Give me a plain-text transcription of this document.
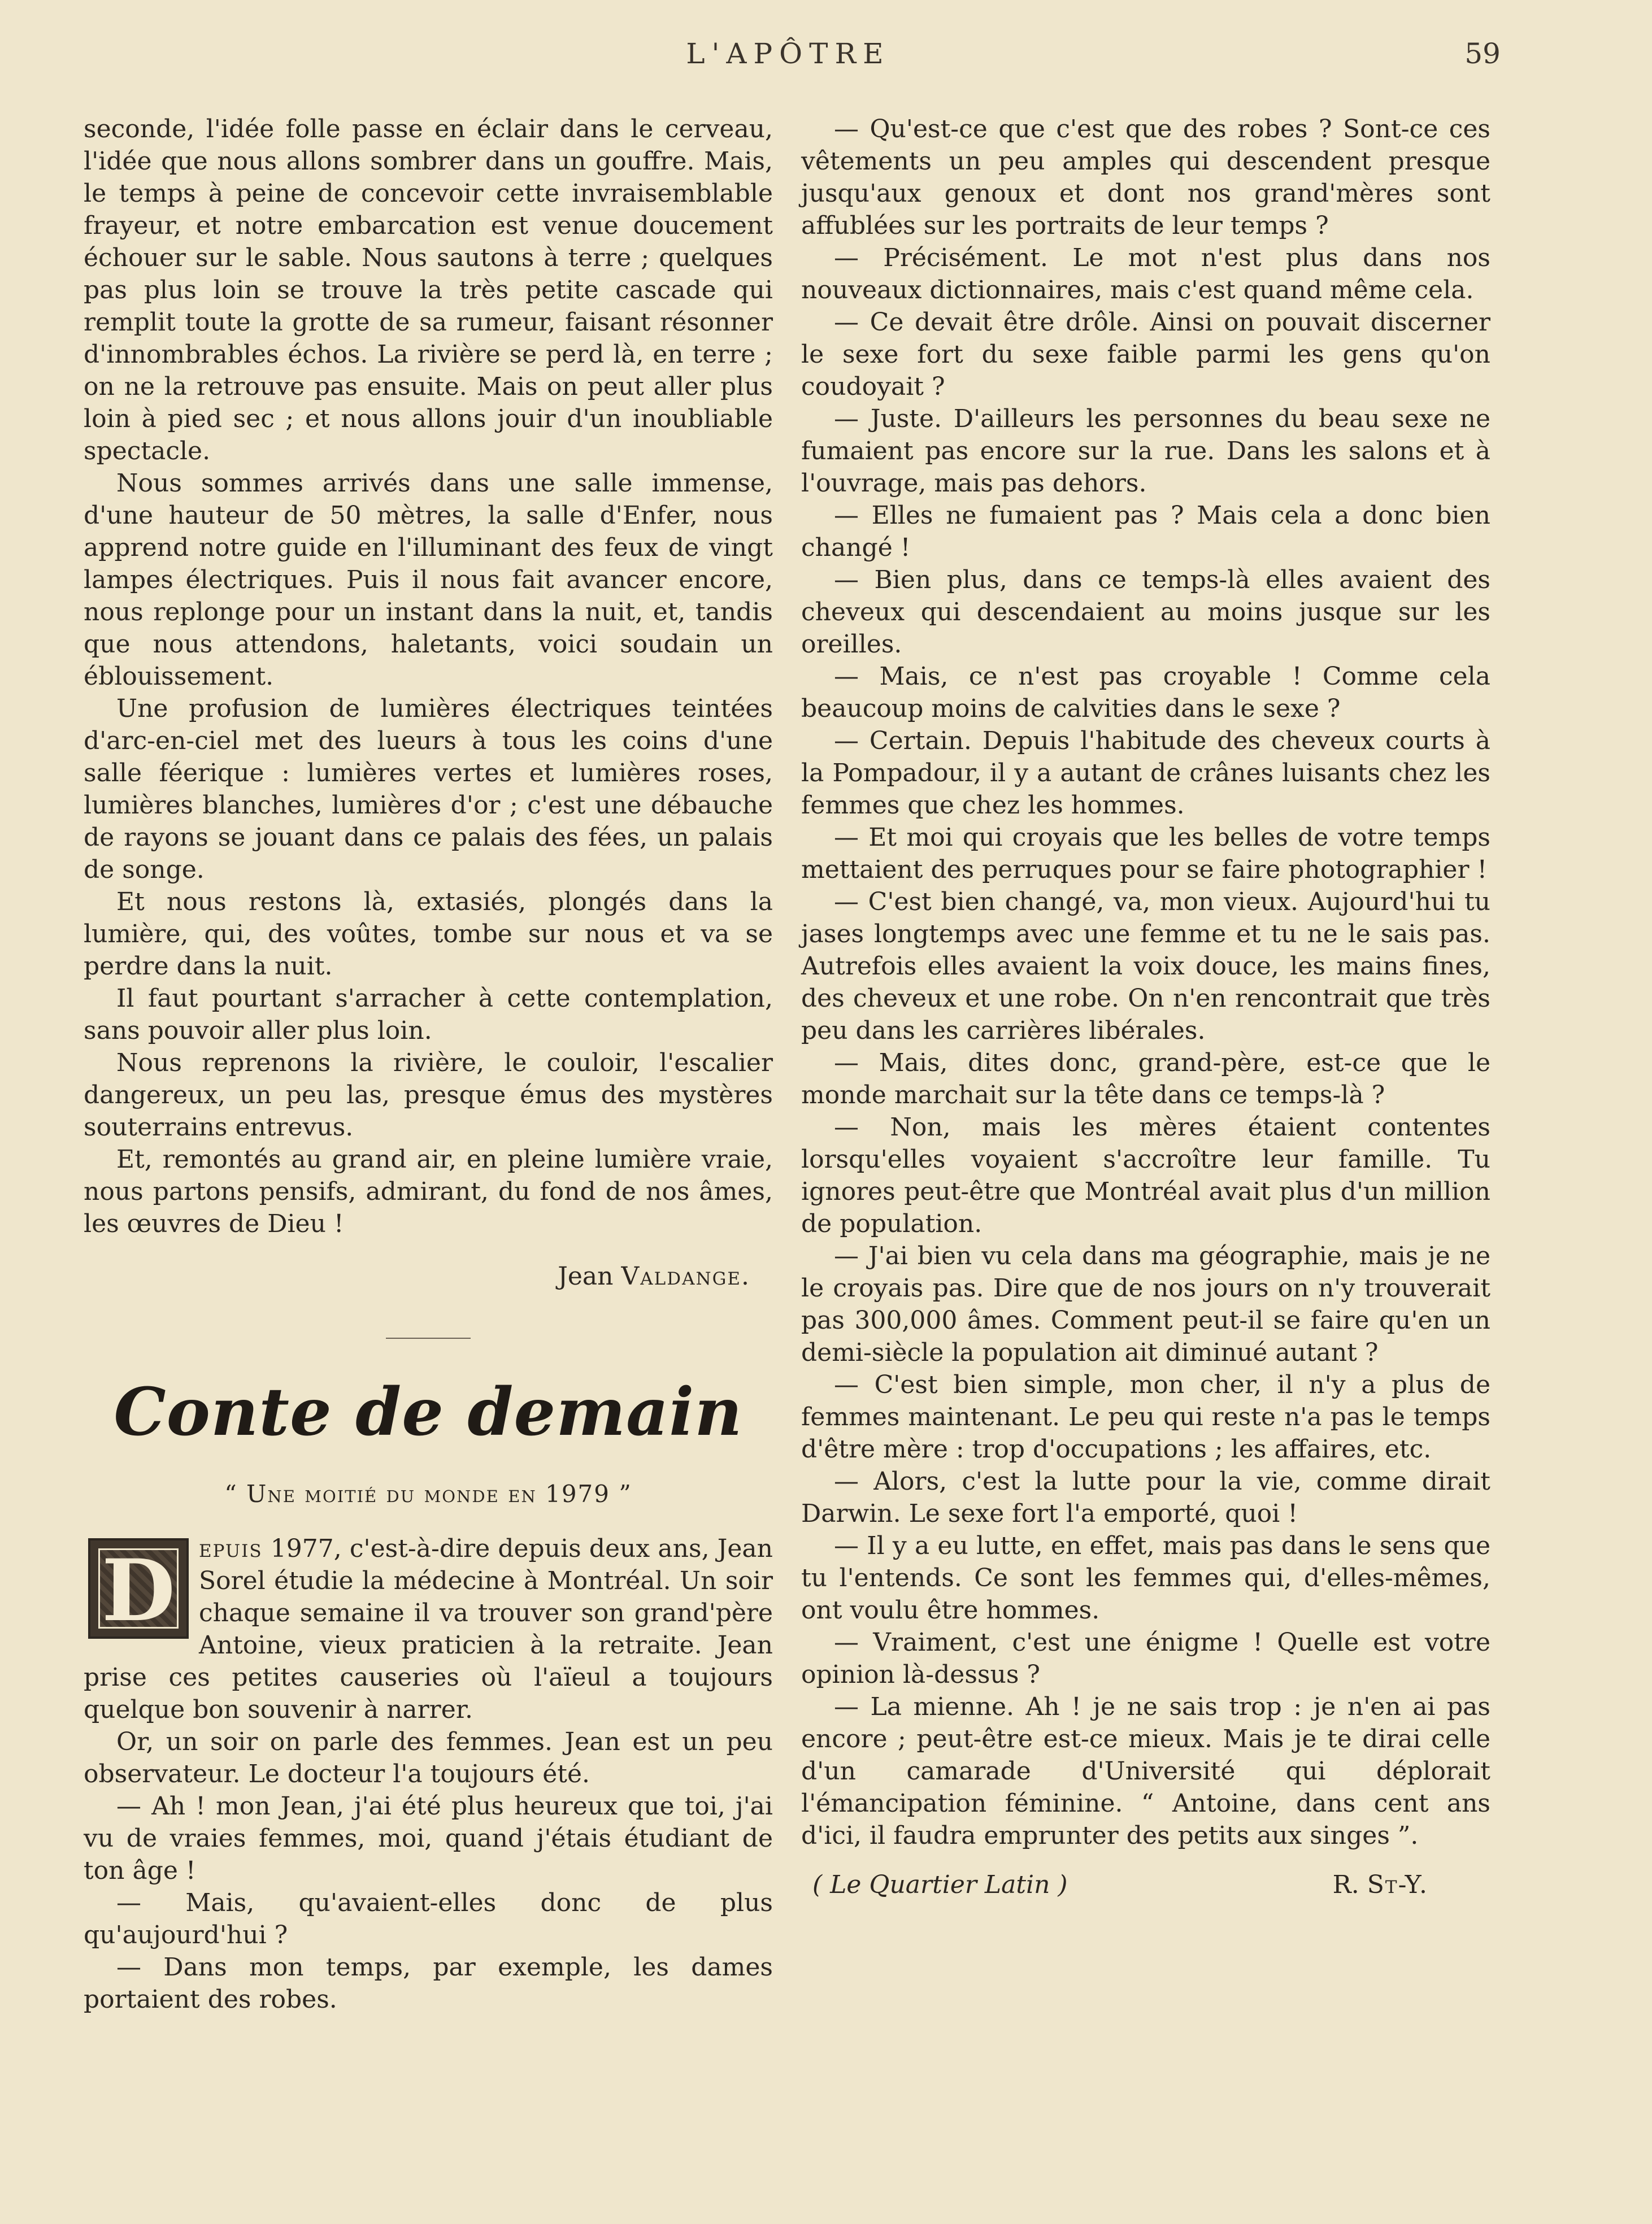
L'APÔTRE	59

seconde, l'idée folle passe en éclair dans le cerveau, l'idée que nous allons sombrer dans un gouffre. Mais, le temps à peine de concevoir cette invraisemblable frayeur, et notre embarcation est venue doucement échouer sur le sable. Nous sautons à terre ; quelques pas plus loin se trouve la très petite cascade qui remplit toute la grotte de sa rumeur, faisant résonner d'innombrables échos. La rivière se perd là, en terre ; on ne la retrouve pas ensuite. Mais on peut aller plus loin à pied sec ; et nous allons jouir d'un inoubliable spectacle.

Nous sommes arrivés dans une salle immense, d'une hauteur de 50 mètres, la salle d'Enfer, nous apprend notre guide en l'illuminant des feux de vingt lampes électriques. Puis il nous fait avancer encore, nous replonge pour un instant dans la nuit, et, tandis que nous attendons, haletants, voici soudain un éblouissement.

Une profusion de lumières électriques teintées d'arc-en-ciel met des lueurs à tous les coins d'une salle féerique : lumières vertes et lumières roses, lumières blanches, lumières d'or ; c'est une débauche de rayons se jouant dans ce palais des fées, un palais de songe.

Et nous restons là, extasiés, plongés dans la lumière, qui, des voûtes, tombe sur nous et va se perdre dans la nuit.

Il faut pourtant s'arracher à cette contemplation, sans pouvoir aller plus loin.

Nous reprenons la rivière, le couloir, l'escalier dangereux, un peu las, presque émus des mystères souterrains entrevus.

Et, remontés au grand air, en pleine lumière vraie, nous partons pensifs, admirant, du fond de nos âmes, les œuvres de Dieu !

Jean Valdange.
Conte de demain
“ Une moitié du monde en 1979 ”

D epuis 1977, c'est-à-dire depuis deux ans, Jean Sorel étudie la médecine à Montréal. Un soir chaque semaine il va trouver son grand'père Antoine, vieux praticien à la retraite. Jean prise ces petites causeries où l'aïeul a toujours quelque bon souvenir à narrer.

Or, un soir on parle des femmes. Jean est un peu observateur. Le docteur l'a toujours été.

— Ah ! mon Jean, j'ai été plus heureux que toi, j'ai vu de vraies femmes, moi, quand j'étais étudiant de ton âge !

— Mais, qu'avaient-elles donc de plus qu'aujourd'hui ?

— Dans mon temps, par exemple, les dames portaient des robes.

— Qu'est-ce que c'est que des robes ? Sont-ce ces vêtements un peu amples qui descendent presque jusqu'aux genoux et dont nos grand'mères sont affublées sur les portraits de leur temps ?

— Précisément. Le mot n'est plus dans nos nouveaux dictionnaires, mais c'est quand même cela.

— Ce devait être drôle. Ainsi on pouvait discerner le sexe fort du sexe faible parmi les gens qu'on coudoyait ?

— Juste. D'ailleurs les personnes du beau sexe ne fumaient pas encore sur la rue. Dans les salons et à l'ouvrage, mais pas dehors.

— Elles ne fumaient pas ? Mais cela a donc bien changé !

— Bien plus, dans ce temps-là elles avaient des cheveux qui descendaient au moins jusque sur les oreilles.

— Mais, ce n'est pas croyable ! Comme cela beaucoup moins de calvities dans le sexe ?

— Certain. Depuis l'habitude des cheveux courts à la Pompadour, il y a autant de crânes luisants chez les femmes que chez les hommes.

— Et moi qui croyais que les belles de votre temps mettaient des perruques pour se faire photographier !

— C'est bien changé, va, mon vieux. Aujourd'hui tu jases longtemps avec une femme et tu ne le sais pas. Autrefois elles avaient la voix douce, les mains fines, des cheveux et une robe. On n'en rencontrait que très peu dans les carrières libérales.

— Mais, dites donc, grand-père, est-ce que le monde marchait sur la tête dans ce temps-là ?

— Non, mais les mères étaient contentes lorsqu'elles voyaient s'accroître leur famille. Tu ignores peut-être que Montréal avait plus d'un million de population.

— J'ai bien vu cela dans ma géographie, mais je ne le croyais pas. Dire que de nos jours on n'y trouverait pas 300,000 âmes. Comment peut-il se faire qu'en un demi-siècle la population ait diminué autant ?

— C'est bien simple, mon cher, il n'y a plus de femmes maintenant. Le peu qui reste n'a pas le temps d'être mère : trop d'occupations ; les affaires, etc.

— Alors, c'est la lutte pour la vie, comme dirait Darwin. Le sexe fort l'a emporté, quoi !

— Il y a eu lutte, en effet, mais pas dans le sens que tu l'entends. Ce sont les femmes qui, d'elles-mêmes, ont voulu être hommes.

— Vraiment, c'est une énigme ! Quelle est votre opinion là-dessus ?

— La mienne. Ah ! je ne sais trop : je n'en ai pas encore ; peut-être est-ce mieux. Mais je te dirai celle d'un camarade d'Université qui déplorait l'émancipation féminine. “ Antoine, dans cent ans d'ici, il faudra emprunter des petits aux singes ”.

( Le Quartier Latin )	R. St-Y.
